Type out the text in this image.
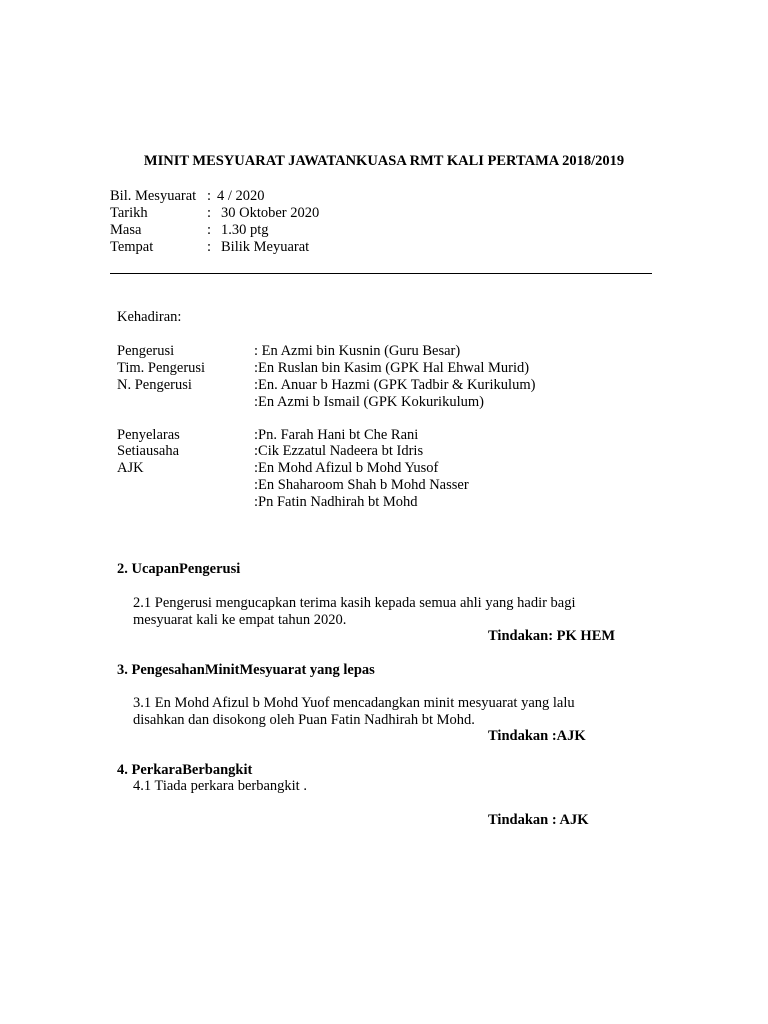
MINIT MESYUARAT JAWATANKUASA RMT KALI PERTAMA 2018/2019
Bil. Mesyuarat : 4 / 2020
Tarikh	: 30 Oktober 2020
Masa	: 1.30 ptg
Tempat	: Bilik Meyuarat
Kehadiran:
Pengerusi	: En Azmi bin Kusnin (Guru Besar)
Tim. Pengerusi	:En Ruslan bin Kasim (GPK Hal Ehwal Murid)
N. Pengerusi	:En. Anuar b Hazmi (GPK Tadbir & Kurikulum)
:En Azmi b Ismail (GPK Kokurikulum)
Penyelaras	:Pn. Farah Hani bt Che Rani
Setiausaha	:Cik Ezzatul Nadeera bt Idris
AJK	:En Mohd Afizul b Mohd Yusof
:En Shaharoom Shah b Mohd Nasser
:Pn Fatin Nadhirah bt Mohd
2. UcapanPengerusi
2.1 Pengerusi mengucapkan terima kasih kepada semua ahli yang hadir bagi
mesyuarat kali ke empat tahun 2020.
Tindakan: PK HEM
3. PengesahanMinitMesyuarat yang lepas
3.1 En Mohd Afizul b Mohd Yuof mencadangkan minit mesyuarat yang lalu
disahkan dan disokong oleh Puan Fatin Nadhirah bt Mohd.
Tindakan :AJK
4. PerkaraBerbangkit
4.1 Tiada perkara berbangkit .
Tindakan : AJK
